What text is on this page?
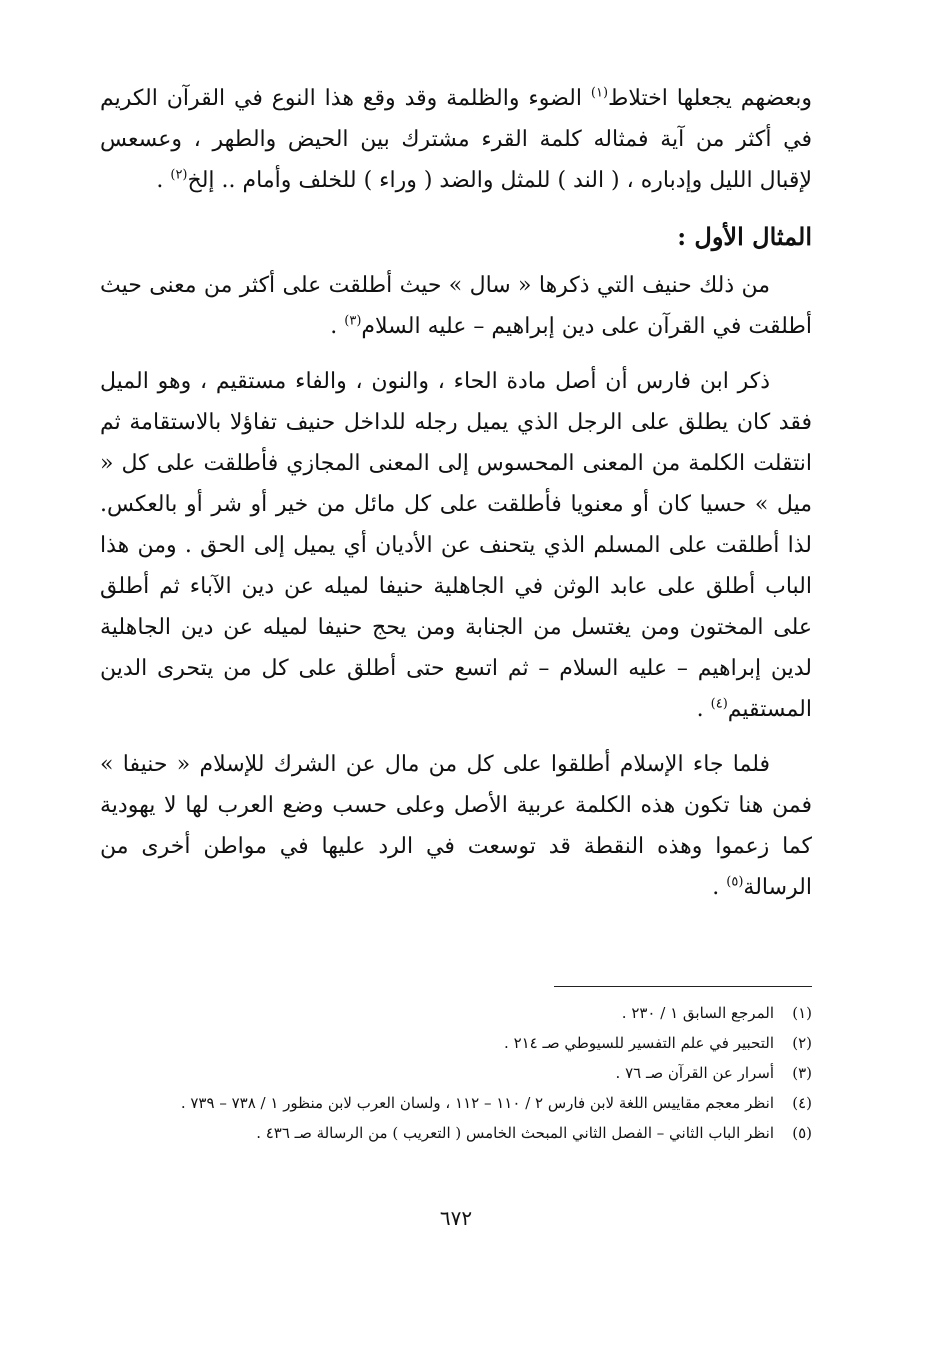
وبعضهم يجعلها اختلاط$^{(١)}$ الضوء والظلمة وقد وقع هذا النوع في القرآن الكريم في أكثر من آية فمثاله كلمة القرء مشترك بين الحيض والطهر ، وعسعس لإقبال الليل وإدباره ، ( الند ) للمثل والضد ( وراء ) للخلف وأمام .. إلخ$^{(٢)}$ .

المثال الأول :

من ذلك حنيف التي ذكرها « سال » حيث أطلقت على أكثر من معنى حيث أطلقت في القرآن على دين إبراهيم – عليه السلام$^{(٣)}$ .

ذكر ابن فارس أن أصل مادة الحاء ، والنون ، والفاء مستقيم ، وهو الميل فقد كان يطلق على الرجل الذي يميل رجله للداخل حنيف تفاؤلا بالاستقامة ثم انتقلت الكلمة من المعنى المحسوس إلى المعنى المجازي فأطلقت على كل « ميل » حسيا كان أو معنويا فأطلقت على كل مائل من خير أو شر أو بالعكس. لذا أطلقت على المسلم الذي يتحنف عن الأديان أي يميل إلى الحق . ومن هذا الباب أطلق على عابد الوثن في الجاهلية حنيفا لميله عن دين الآباء ثم أطلق على المختون ومن يغتسل من الجنابة ومن يحج حنيفا لميله عن دين الجاهلية لدين إبراهيم – عليه السلام – ثم اتسع حتى أطلق على كل من يتحرى الدين المستقيم$^{(٤)}$ .

فلما جاء الإسلام أطلقوا على كل من مال عن الشرك للإسلام « حنيفا » فمن هنا تكون هذه الكلمة عربية الأصل وعلى حسب وضع العرب لها لا يهودية كما زعموا وهذه النقطة قد توسعت في الرد عليها في مواطن أخرى من الرسالة$^{(٥)}$ .

(١)
المرجع السابق ١ / ٢٣٠ .
(٢)
التحبير في علم التفسير للسيوطي صـ ٢١٤ .
(٣)
أسرار عن القرآن صـ ٧٦ .
(٤)
انظر معجم مقاييس اللغة لابن فارس ٢ / ١١٠ – ١١٢ ، ولسان العرب لابن منظور ١ / ٧٣٨ – ٧٣٩ .
(٥)
انظر الباب الثاني – الفصل الثاني المبحث الخامس ( التعريب ) من الرسالة صـ ٤٣٦ .
٦٧٢
